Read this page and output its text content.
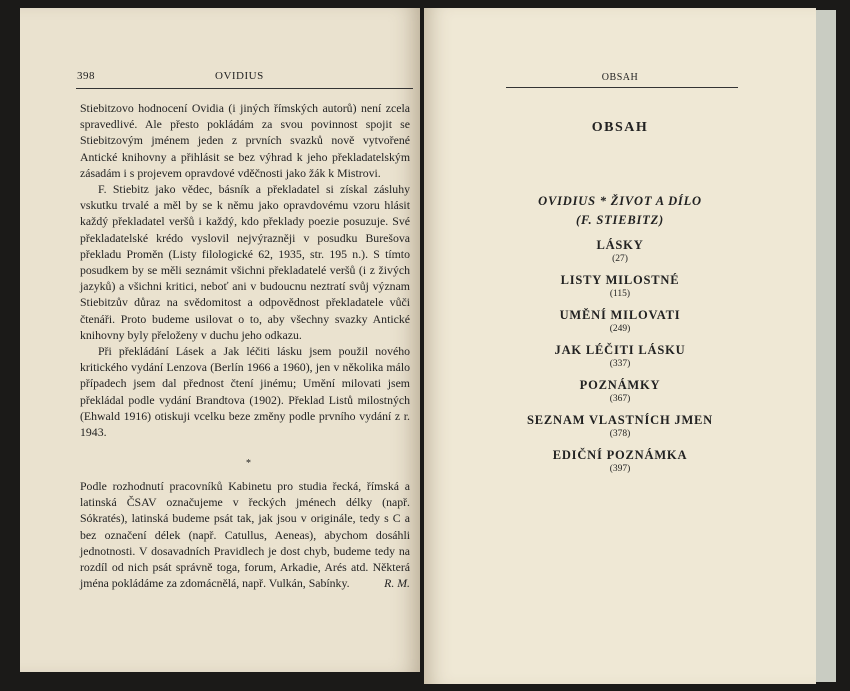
398	OVIDIUS

Stiebitzovo hodnocení Ovidia (i jiných římských autorů) není zcela spravedlivé. Ale přesto pokládám za svou povinnost spojit se Stiebitzovým jménem jeden z prvních svazků nově vytvořené Antické knihovny a přihlásit se bez výhrad k jeho překladatelským zásadám i s projevem opravdové vděčnosti jako žák k Mistrovi.

F. Stiebitz jako vědec, básník a překladatel si získal zásluhy vskutku trvalé a měl by se k němu jako opravdovému vzoru hlásit každý překladatel veršů i každý, kdo překlady poezie posuzuje. Své překladatelské krédo vyslovil nejvýrazněji v posudku Burešova překladu Proměn (Listy filologické 62, 1935, str. 195 n.). S tímto posudkem by se měli seznámit všichni překladatelé veršů (i z živých jazyků) a všichni kritici, neboť ani v budoucnu neztratí svůj význam Stiebitzův důraz na svědomitost a odpovědnost překladatele vůči čtenáři. Proto budeme usilovat o to, aby všechny svazky Antické knihovny byly přeloženy v duchu jeho odkazu.

Při překládání Lásek a Jak léčiti lásku jsem použil nového kritického vydání Lenzova (Berlín 1966 a 1960), jen v několika málo případech jsem dal přednost čtení jinému; Umění milovati jsem překládal podle vydání Brandtova (1902). Překlad Listů milostných (Ehwald 1916) otiskuji vcelku beze změny podle prvního vydání z r. 1943.

*

Podle rozhodnutí pracovníků Kabinetu pro studia řecká, římská a latinská ČSAV označujeme v řeckých jménech délky (např. Sókratés), latinská budeme psát tak, jak jsou v originále, tedy s C a bez označení délek (např. Catullus, Aeneas), abychom dosáhli jednotnosti. V dosavadních Pravidlech je dost chyb, budeme tedy na rozdíl od nich psát správně toga, forum, Arkadie, Arés atd. Některá jména pokládáme za zdomácnělá, např. Vulkán, Sabínky.	R. M.

OBSAH
OBSAH
OVIDIUS * ŽIVOT A DÍLO
(F. STIEBITZ)
LÁSKY
(27)
LISTY MILOSTNÉ
(115)
UMĚNÍ MILOVATI
(249)
JAK LÉČITI LÁSKU
(337)
POZNÁMKY
(367)
SEZNAM VLASTNÍCH JMEN
(378)
EDIČNÍ POZNÁMKA
(397)
